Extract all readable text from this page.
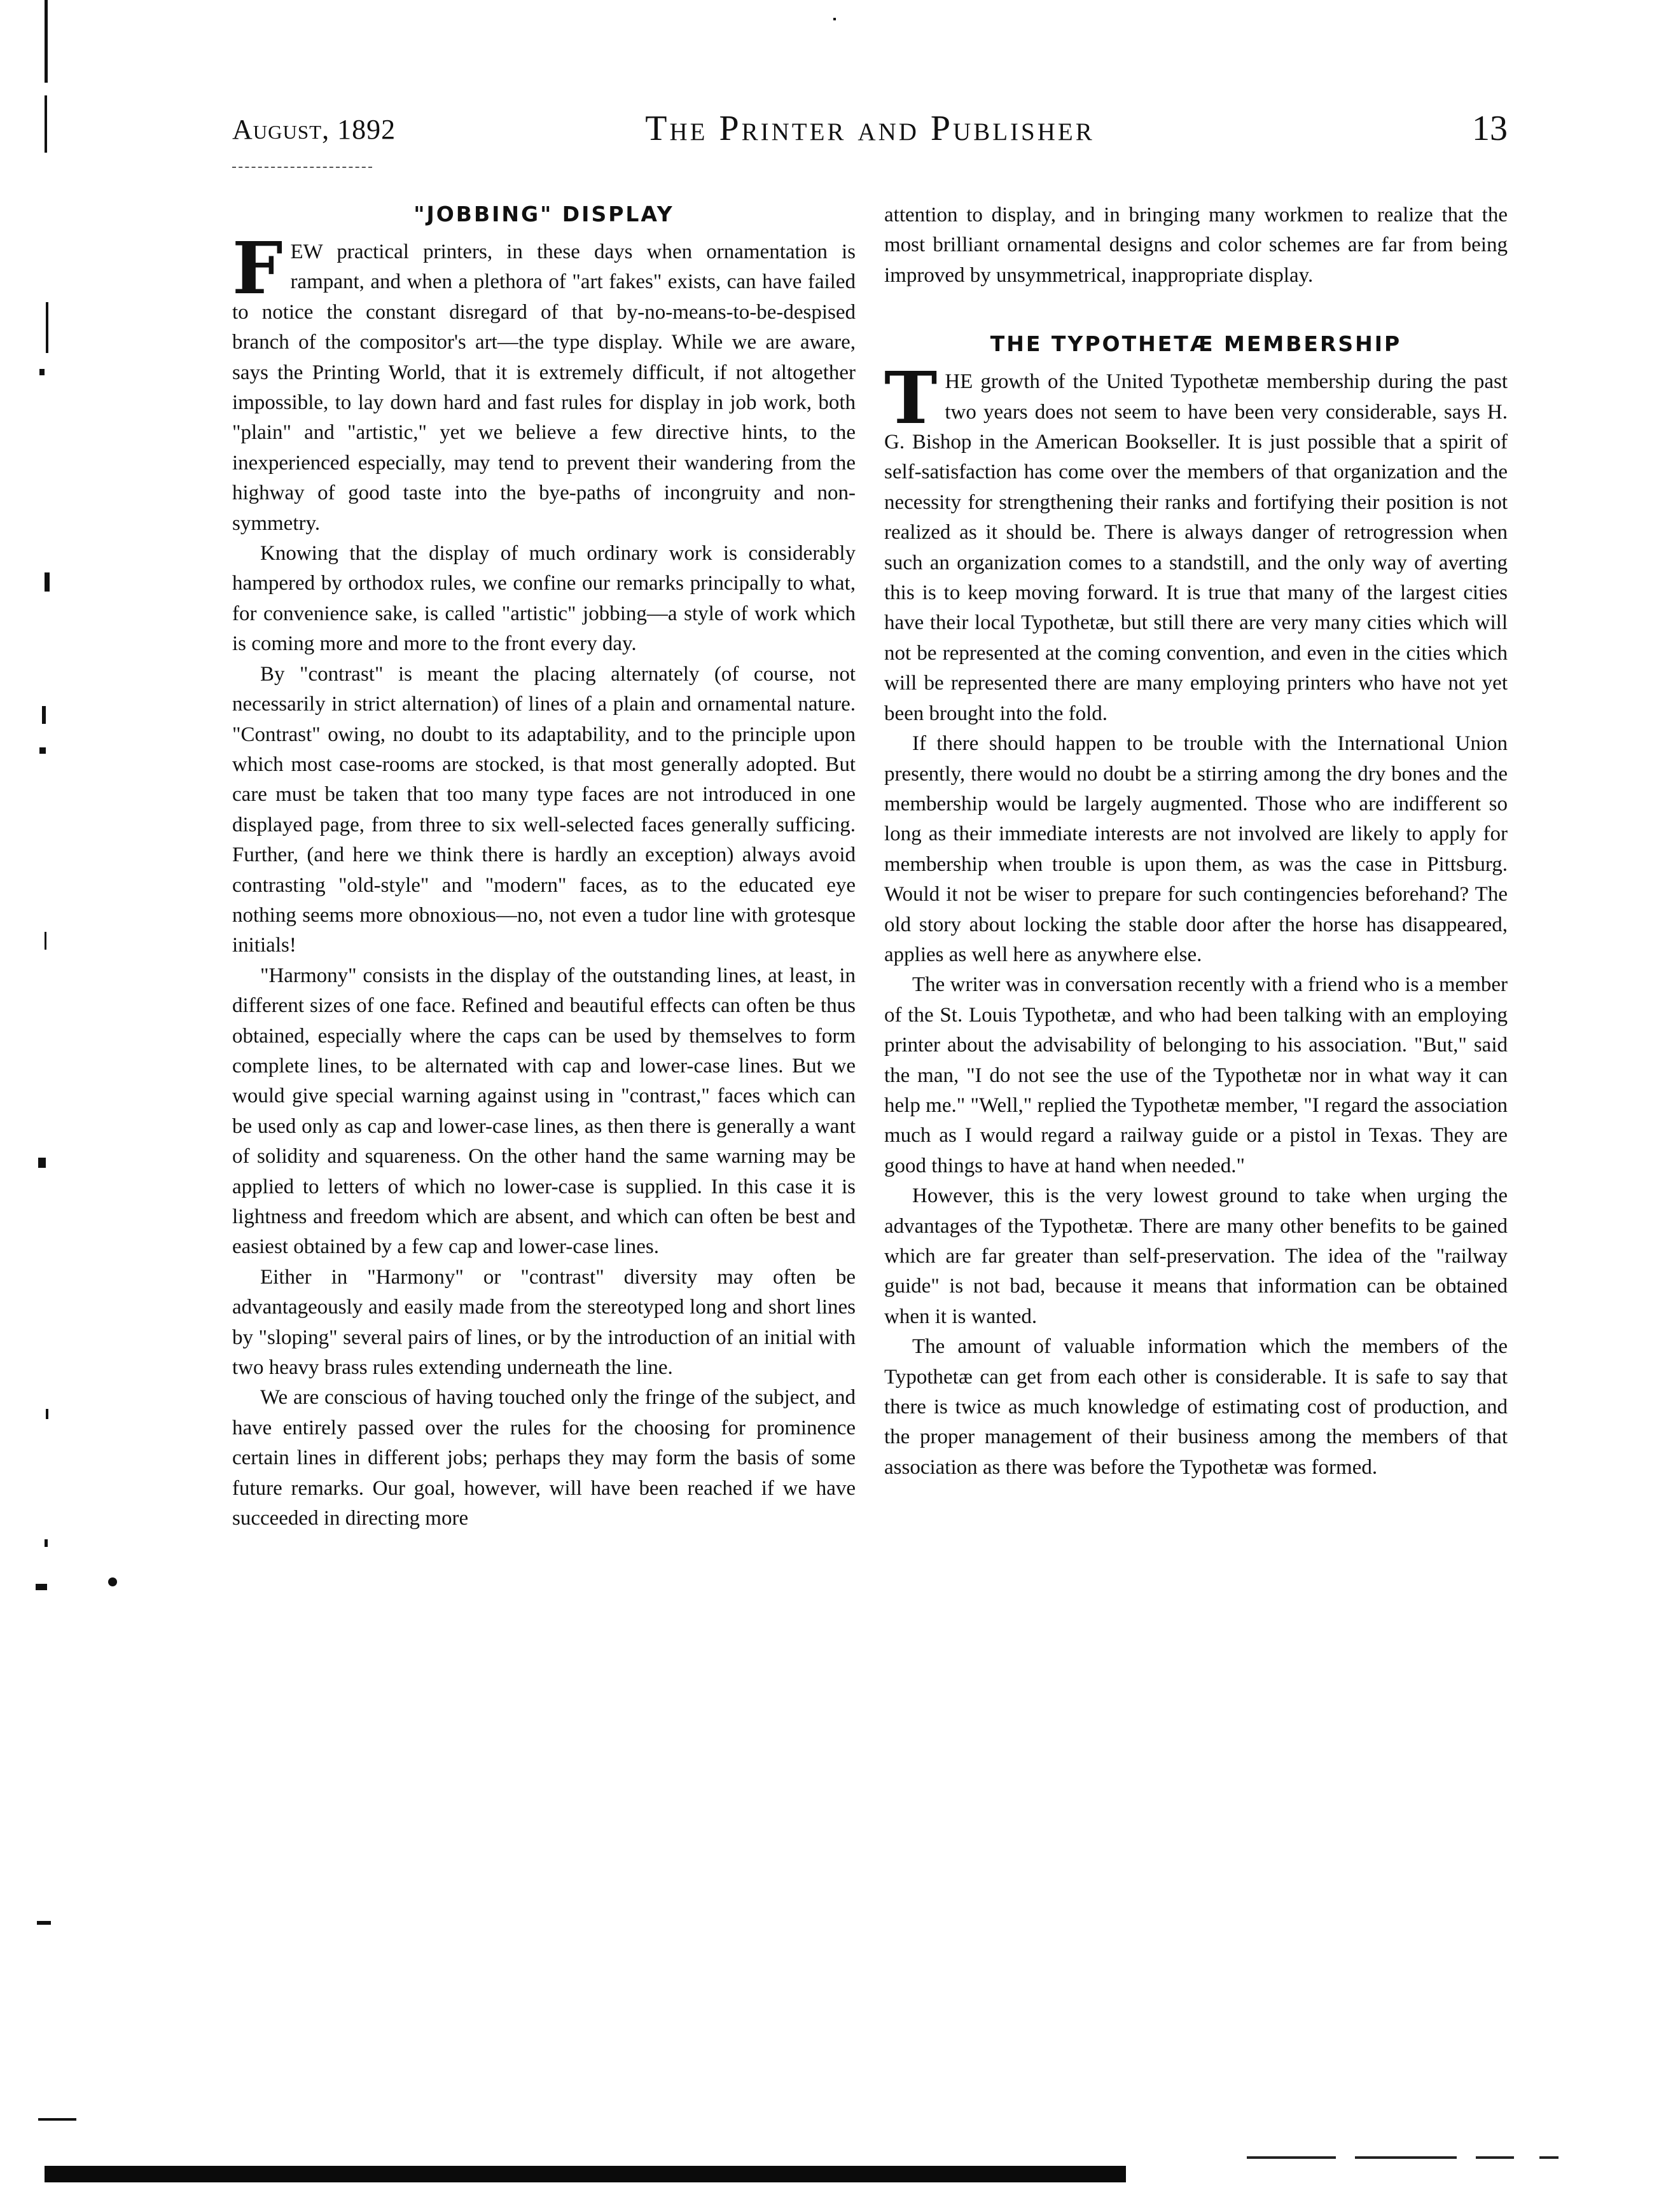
August, 1892	The Printer and Publisher	13
"JOBBING" DISPLAY

FEW practical printers, in these days when ornamentation is rampant, and when a plethora of "art fakes" exists, can have failed to notice the constant disregard of that by-no-means-to-be-despised branch of the compositor's art—the type display. While we are aware, says the Printing World, that it is extremely difficult, if not altogether impossible, to lay down hard and fast rules for display in job work, both "plain" and "artistic," yet we believe a few directive hints, to the inexperienced especially, may tend to prevent their wandering from the highway of good taste into the bye-paths of incongruity and non-symmetry.

Knowing that the display of much ordinary work is considerably hampered by orthodox rules, we confine our remarks principally to what, for convenience sake, is called "artistic" jobbing—a style of work which is coming more and more to the front every day.

By "contrast" is meant the placing alternately (of course, not necessarily in strict alternation) of lines of a plain and ornamental nature. "Contrast" owing, no doubt to its adaptability, and to the principle upon which most case-rooms are stocked, is that most generally adopted. But care must be taken that too many type faces are not introduced in one displayed page, from three to six well-selected faces generally sufficing. Further, (and here we think there is hardly an exception) always avoid contrasting "old-style" and "modern" faces, as to the educated eye nothing seems more obnoxious—no, not even a tudor line with grotesque initials!

"Harmony" consists in the display of the outstanding lines, at least, in different sizes of one face. Refined and beautiful effects can often be thus obtained, especially where the caps can be used by themselves to form complete lines, to be alternated with cap and lower-case lines. But we would give special warning against using in "contrast," faces which can be used only as cap and lower-case lines, as then there is generally a want of solidity and squareness. On the other hand the same warning may be applied to letters of which no lower-case is supplied. In this case it is lightness and freedom which are absent, and which can often be best and easiest obtained by a few cap and lower-case lines.

Either in "Harmony" or "contrast" diversity may often be advantageously and easily made from the stereotyped long and short lines by "sloping" several pairs of lines, or by the introduction of an initial with two heavy brass rules extending underneath the line.

We are conscious of having touched only the fringe of the subject, and have entirely passed over the rules for the choosing for prominence certain lines in different jobs; perhaps they may form the basis of some future remarks. Our goal, however, will have been reached if we have succeeded in directing more

attention to display, and in bringing many workmen to realize that the most brilliant ornamental designs and color schemes are far from being improved by unsymmetrical, inappropriate display.

THE TYPOTHETÆ MEMBERSHIP

THE growth of the United Typothetæ membership during the past two years does not seem to have been very considerable, says H. G. Bishop in the American Bookseller. It is just possible that a spirit of self-satisfaction has come over the members of that organization and the necessity for strengthening their ranks and fortifying their position is not realized as it should be. There is always danger of retrogression when such an organization comes to a standstill, and the only way of averting this is to keep moving forward. It is true that many of the largest cities have their local Typothetæ, but still there are very many cities which will not be represented at the coming convention, and even in the cities which will be represented there are many employing printers who have not yet been brought into the fold.

If there should happen to be trouble with the International Union presently, there would no doubt be a stirring among the dry bones and the membership would be largely augmented. Those who are indifferent so long as their immediate interests are not involved are likely to apply for membership when trouble is upon them, as was the case in Pittsburg. Would it not be wiser to prepare for such contingencies beforehand? The old story about locking the stable door after the horse has disappeared, applies as well here as anywhere else.

The writer was in conversation recently with a friend who is a member of the St. Louis Typothetæ, and who had been talking with an employing printer about the advisability of belonging to his association. "But," said the man, "I do not see the use of the Typothetæ nor in what way it can help me." "Well," replied the Typothetæ member, "I regard the association much as I would regard a railway guide or a pistol in Texas. They are good things to have at hand when needed."

However, this is the very lowest ground to take when urging the advantages of the Typothetæ. There are many other benefits to be gained which are far greater than self-preservation. The idea of the "railway guide" is not bad, because it means that information can be obtained when it is wanted.

The amount of valuable information which the members of the Typothetæ can get from each other is considerable. It is safe to say that there is twice as much knowledge of estimating cost of production, and the proper management of their business among the members of that association as there was before the Typothetæ was formed.
